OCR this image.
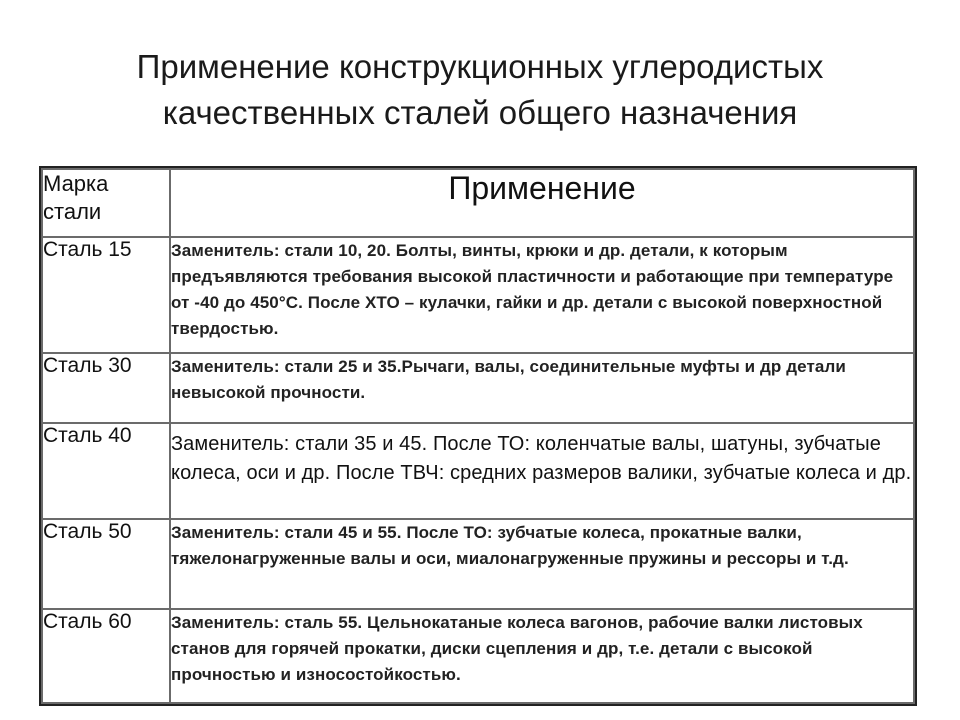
Применение конструкционных углеродистых
качественных сталей общего назначения
Марка стали	Применение
Сталь 15	Заменитель: стали 10, 20. Болты, винты, крюки и др. детали, к которым предъявляются требования высокой пластичности и работающие при температуре от -40 до 450°С. После ХТО – кулачки, гайки и др. детали с высокой поверхностной твердостью.
Сталь 30	Заменитель: стали 25 и 35.Рычаги, валы, соединительные муфты и др детали невысокой прочности.
Сталь 40	Заменитель: стали 35 и 45. После ТО: коленчатые валы, шатуны, зубчатые колеса, оси и др. После ТВЧ: средних размеров валики, зубчатые колеса и др.
Сталь 50	Заменитель: стали 45 и 55. После ТО: зубчатые колеса, прокатные валки, тяжелонагруженные валы и оси, миалонагруженные пружины и рессоры и т.д.
Сталь 60	Заменитель: сталь 55. Цельнокатаные колеса вагонов, рабочие валки листовых станов для горячей прокатки, диски сцепления и др, т.е. детали с высокой прочностью и износостойкостью.
